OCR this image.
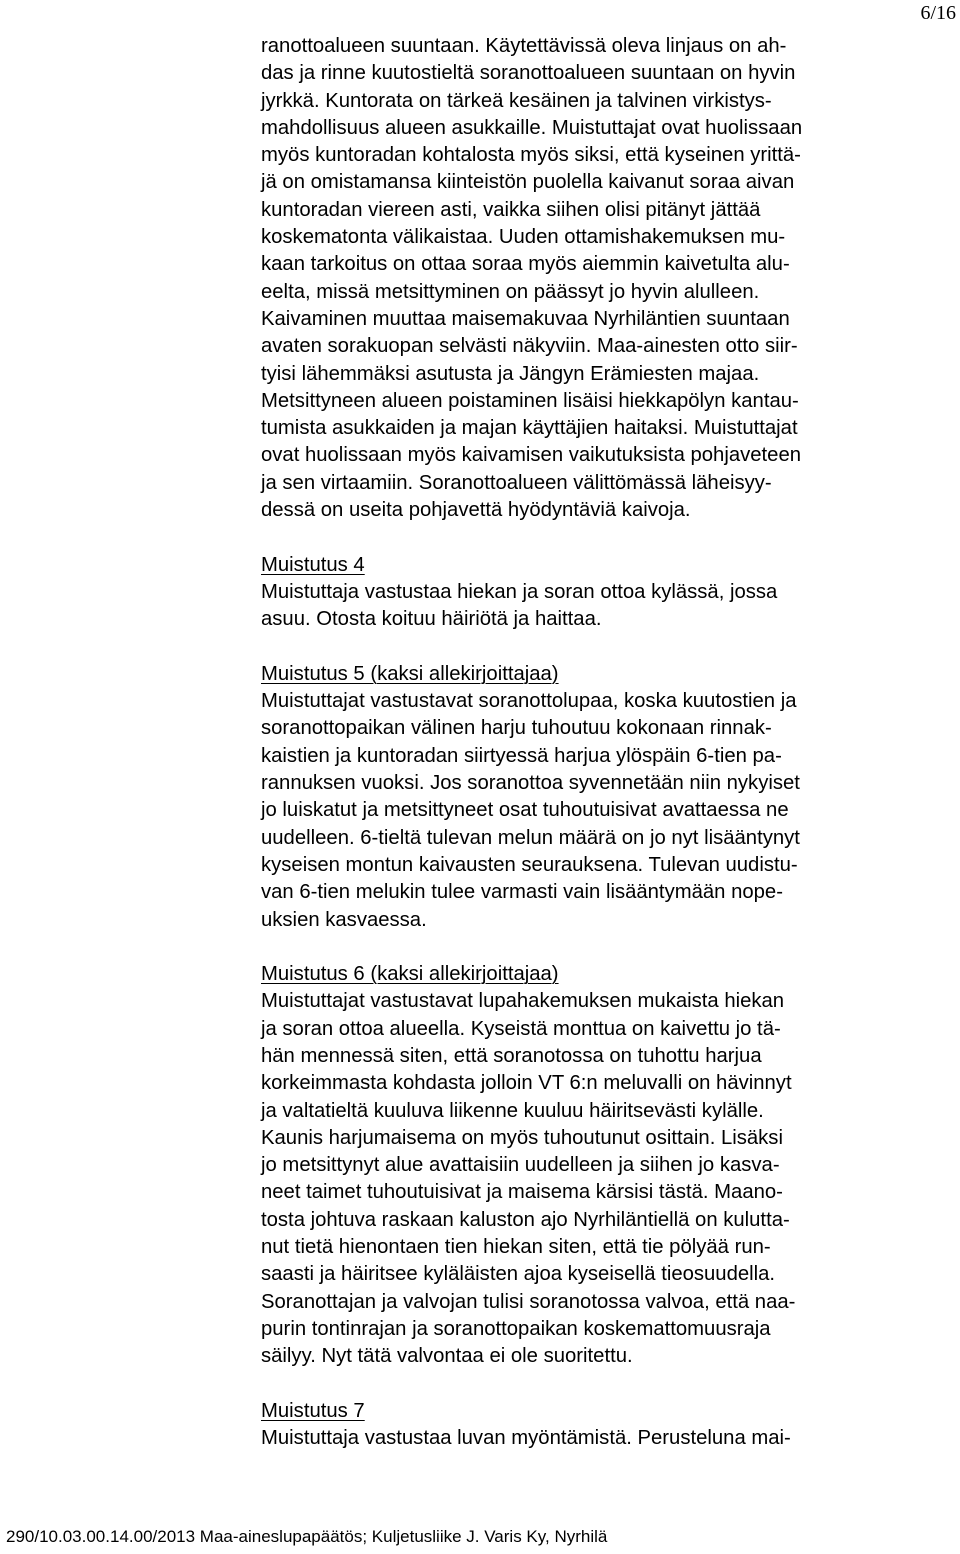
6/16
ranottoalueen suuntaan. Käytettävissä oleva linjaus on ah-
das ja rinne kuutostieltä soranottoalueen suuntaan on hyvin
jyrkkä. Kuntorata on tärkeä kesäinen ja talvinen virkistys-
mahdollisuus alueen asukkaille. Muistuttajat ovat huolissaan
myös kuntoradan kohtalosta myös siksi, että kyseinen yrittä-
jä on omistamansa kiinteistön puolella kaivanut soraa aivan
kuntoradan viereen asti, vaikka siihen olisi pitänyt jättää
koskematonta välikaistaa. Uuden ottamishakemuksen mu-
kaan tarkoitus on ottaa soraa myös aiemmin kaivetulta alu-
eelta, missä metsittyminen on päässyt jo hyvin alulleen.
Kaivaminen muuttaa maisemakuvaa Nyrhiläntien suuntaan
avaten sorakuopan selvästi näkyviin. Maa-ainesten otto siir-
tyisi lähemmäksi asutusta ja Jängyn Erämiesten majaa.
Metsittyneen alueen poistaminen lisäisi hiekkapölyn kantau-
tumista asukkaiden ja majan käyttäjien haitaksi. Muistuttajat
ovat huolissaan myös kaivamisen vaikutuksista pohjaveteen
ja sen virtaamiin. Soranottoalueen välittömässä läheisyy-
dessä on useita pohjavettä hyödyntäviä kaivoja.
Muistutus 4
Muistuttaja vastustaa hiekan ja soran ottoa kylässä, jossa
asuu. Otosta koituu häiriötä ja haittaa.
Muistutus 5 (kaksi allekirjoittajaa)
Muistuttajat vastustavat soranottolupaa, koska kuutostien ja
soranottopaikan välinen harju tuhoutuu kokonaan rinnak-
kaistien ja kuntoradan siirtyessä harjua ylöspäin 6-tien pa-
rannuksen vuoksi. Jos soranottoa syvennetään niin nykyiset
jo luiskatut ja metsittyneet osat tuhoutuisivat avattaessa ne
uudelleen. 6-tieltä tulevan melun määrä on jo nyt lisääntynyt
kyseisen montun kaivausten seurauksena. Tulevan uudistu-
van 6-tien melukin tulee varmasti vain lisääntymään nope-
uksien kasvaessa.
Muistutus 6 (kaksi allekirjoittajaa)
Muistuttajat vastustavat lupahakemuksen mukaista hiekan
ja soran ottoa alueella. Kyseistä monttua on kaivettu jo tä-
hän mennessä siten, että soranotossa on tuhottu harjua
korkeimmasta kohdasta jolloin VT 6:n meluvalli on hävinnyt
ja valtatieltä kuuluva liikenne kuuluu häiritsevästi kylälle.
Kaunis harjumaisema on myös tuhoutunut osittain. Lisäksi
jo metsittynyt alue avattaisiin uudelleen ja siihen jo kasva-
neet taimet tuhoutuisivat ja maisema kärsisi tästä. Maano-
tosta johtuva raskaan kaluston ajo Nyrhiläntiellä on kulutta-
nut tietä hienontaen tien hiekan siten, että tie pölyää run-
saasti ja häiritsee kyläläisten ajoa kyseisellä tieosuudella.
Soranottajan ja valvojan tulisi soranotossa valvoa, että naa-
purin tontinrajan ja soranottopaikan koskemattomuusraja
säilyy. Nyt tätä valvontaa ei ole suoritettu.
Muistutus 7
Muistuttaja vastustaa luvan myöntämistä. Perusteluna mai-
290/10.03.00.14.00/2013 Maa-aineslupapäätös; Kuljetusliike J. Varis Ky, Nyrhilä
